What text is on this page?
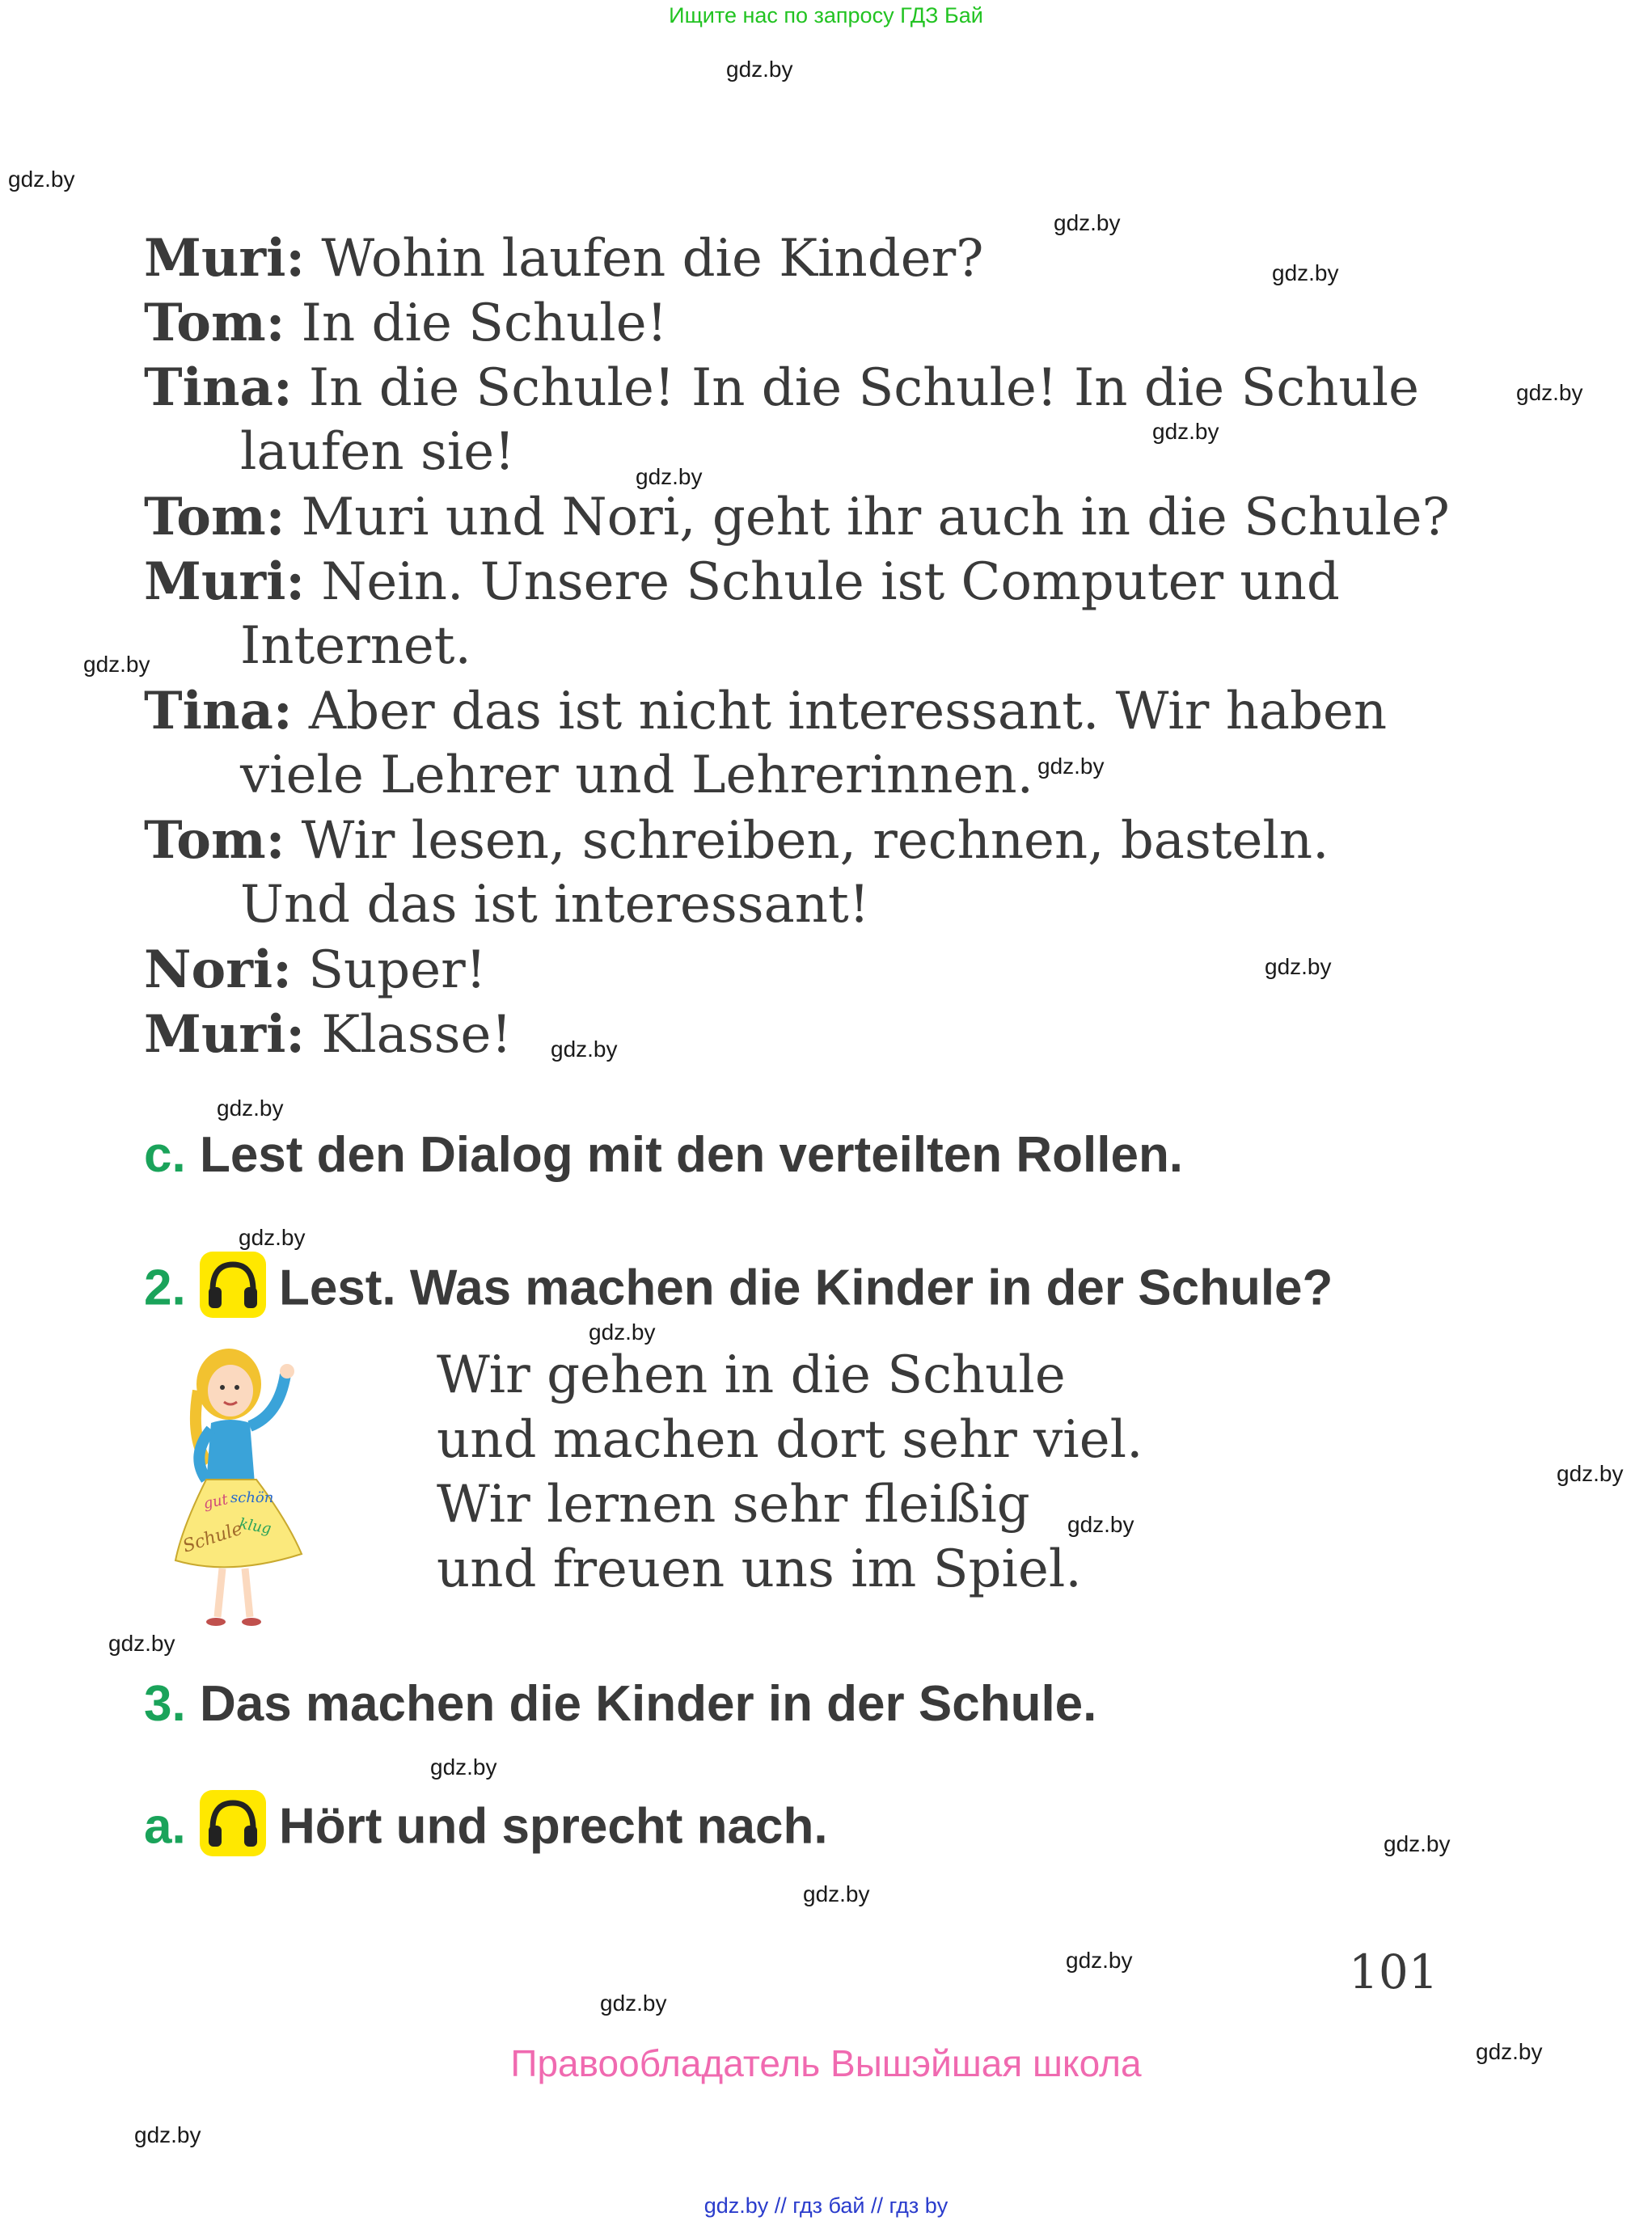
Ищите нас по запросу ГДЗ Бай
gdz.by
gdz.by
gdz.by
gdz.by
gdz.by
gdz.by
gdz.by
gdz.by
gdz.by
gdz.by
gdz.by
gdz.by
gdz.by
gdz.by
gdz.by
gdz.by
gdz.by
gdz.by
gdz.by
gdz.by
gdz.by
gdz.by
gdz.by
gdz.by
Muri: Wohin laufen die Kinder?
Tom: In die Schule!
Tina: In die Schule! In die Schule! In die Schule
laufen sie!
Tom: Muri und Nori, geht ihr auch in die Schule?
Muri: Nein. Unsere Schule ist Computer und
Internet.
Tina: Aber das ist nicht interessant. Wir haben
viele Lehrer und Lehrerinnen.
Tom: Wir lesen, schreiben, rechnen, basteln.
Und das ist interessant!
Nori: Super!
Muri: Klasse!
c. Lest den Dialog mit den verteilten Rollen.
2. Lest. Was machen die Kinder in der Schule?
gut schön
klug
Schule
Wir gehen in die Schule
und machen dort sehr viel.
Wir lernen sehr fleißig
und freuen uns im Spiel.
3. Das machen die Kinder in der Schule.
a. Hört und sprecht nach.
101
Правообладатель Вышэйшая школа
gdz.by // гдз бай // гдз by
